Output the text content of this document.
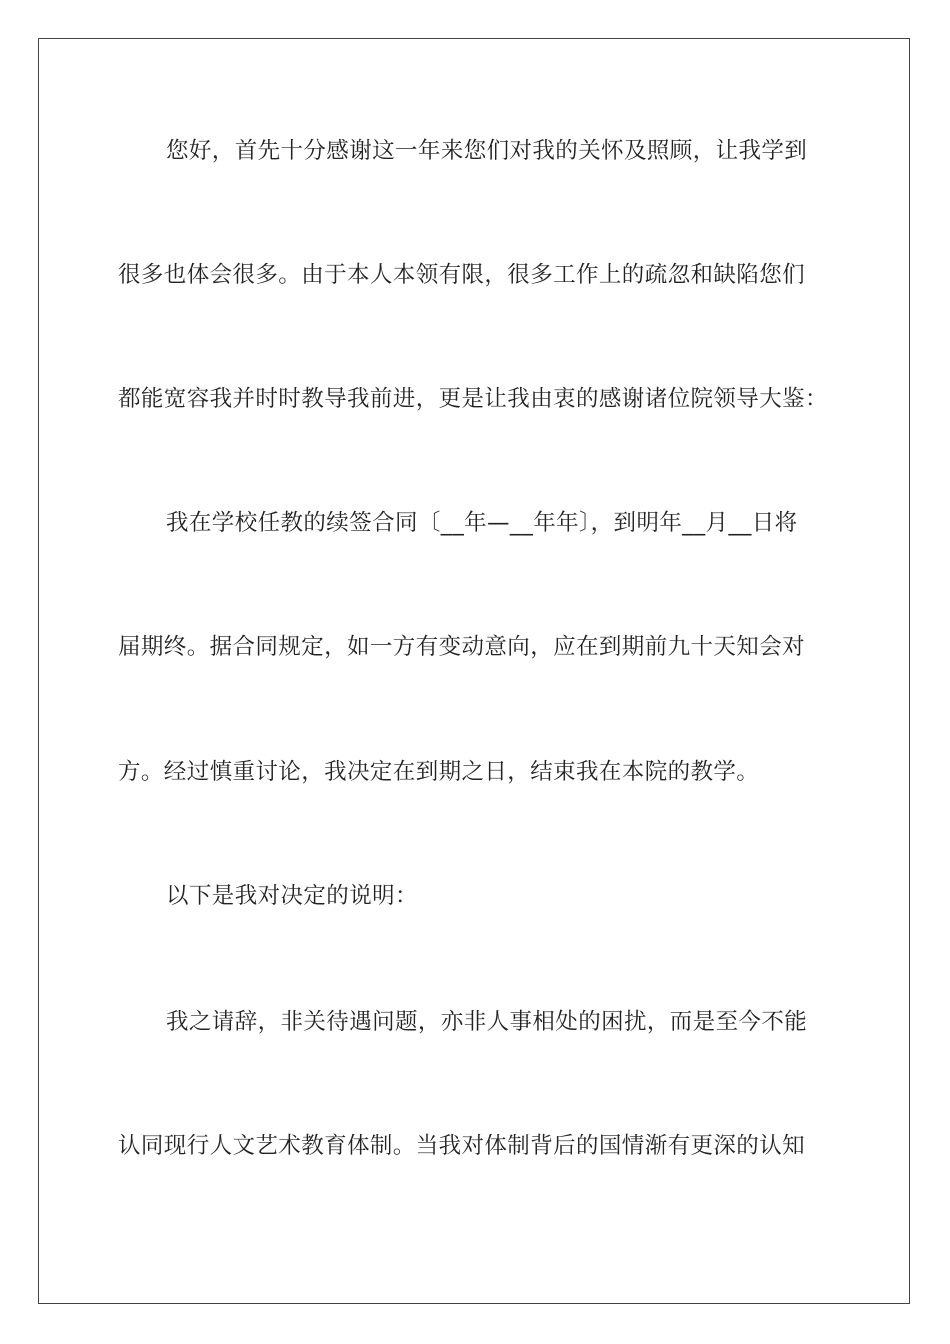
您好，首先十分感谢这一年来您们对我的关怀及照顾，让我学到
很多也体会很多。由于本人本领有限，很多工作上的疏忽和缺陷您们
都能宽容我并时时教导我前进，更是让我由衷的感谢诸位院领导大鉴：
我在学校任教的续签合同〔__年—__年年〕，到明年__月__日将
届期终。据合同规定，如一方有变动意向，应在到期前九十天知会对
方。经过慎重讨论，我决定在到期之日，结束我在本院的教学。
以下是我对决定的说明：
我之请辞，非关待遇问题，亦非人事相处的困扰，而是至今不能
认同现行人文艺术教育体制。当我对体制背后的国情渐有更深的认知
